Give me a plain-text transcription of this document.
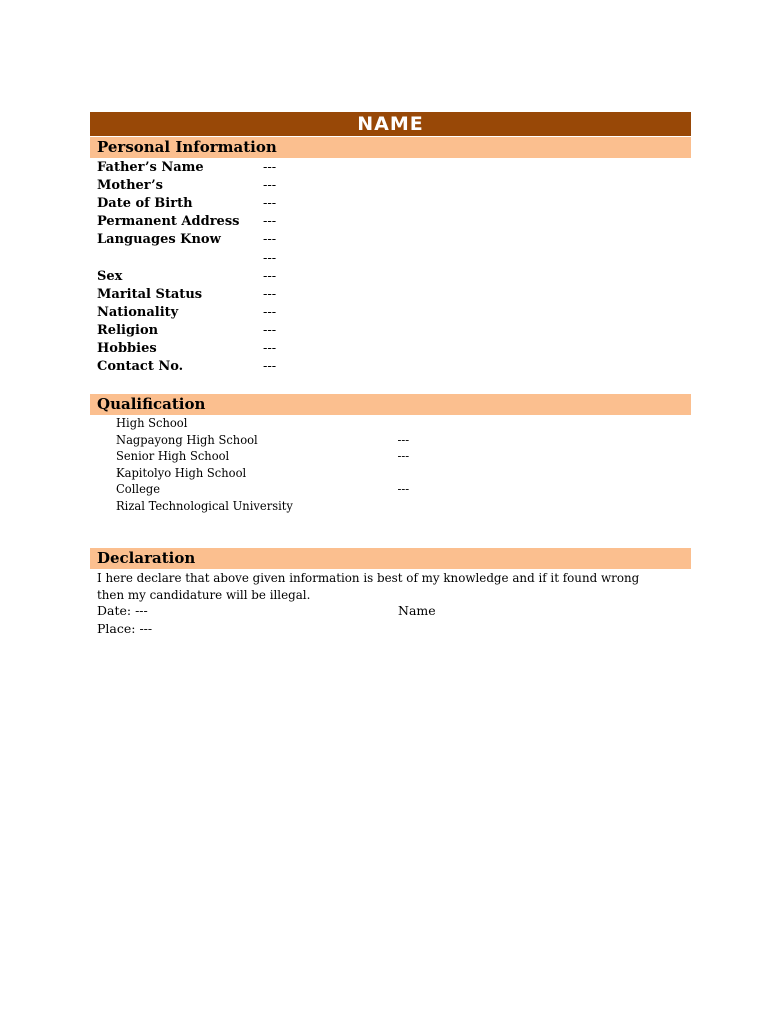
NAME
Personal Information
Father’s Name	---
Mother’s	---
Date of Birth	---
Permanent Address ---
Languages Know	---
---
Sex	---
Marital Status	---
Nationality	---
Religion	---
Hobbies	---
Contact No.	---
Qualification
High School
Nagpayong High School	---
Senior High School	---
Kapitolyo High School
College	---
Rizal Technological University
Declaration
I here declare that above given information is best of my knowledge and if it found wrong then my candidature will be illegal.
Date: ---	Name
Place: ---
